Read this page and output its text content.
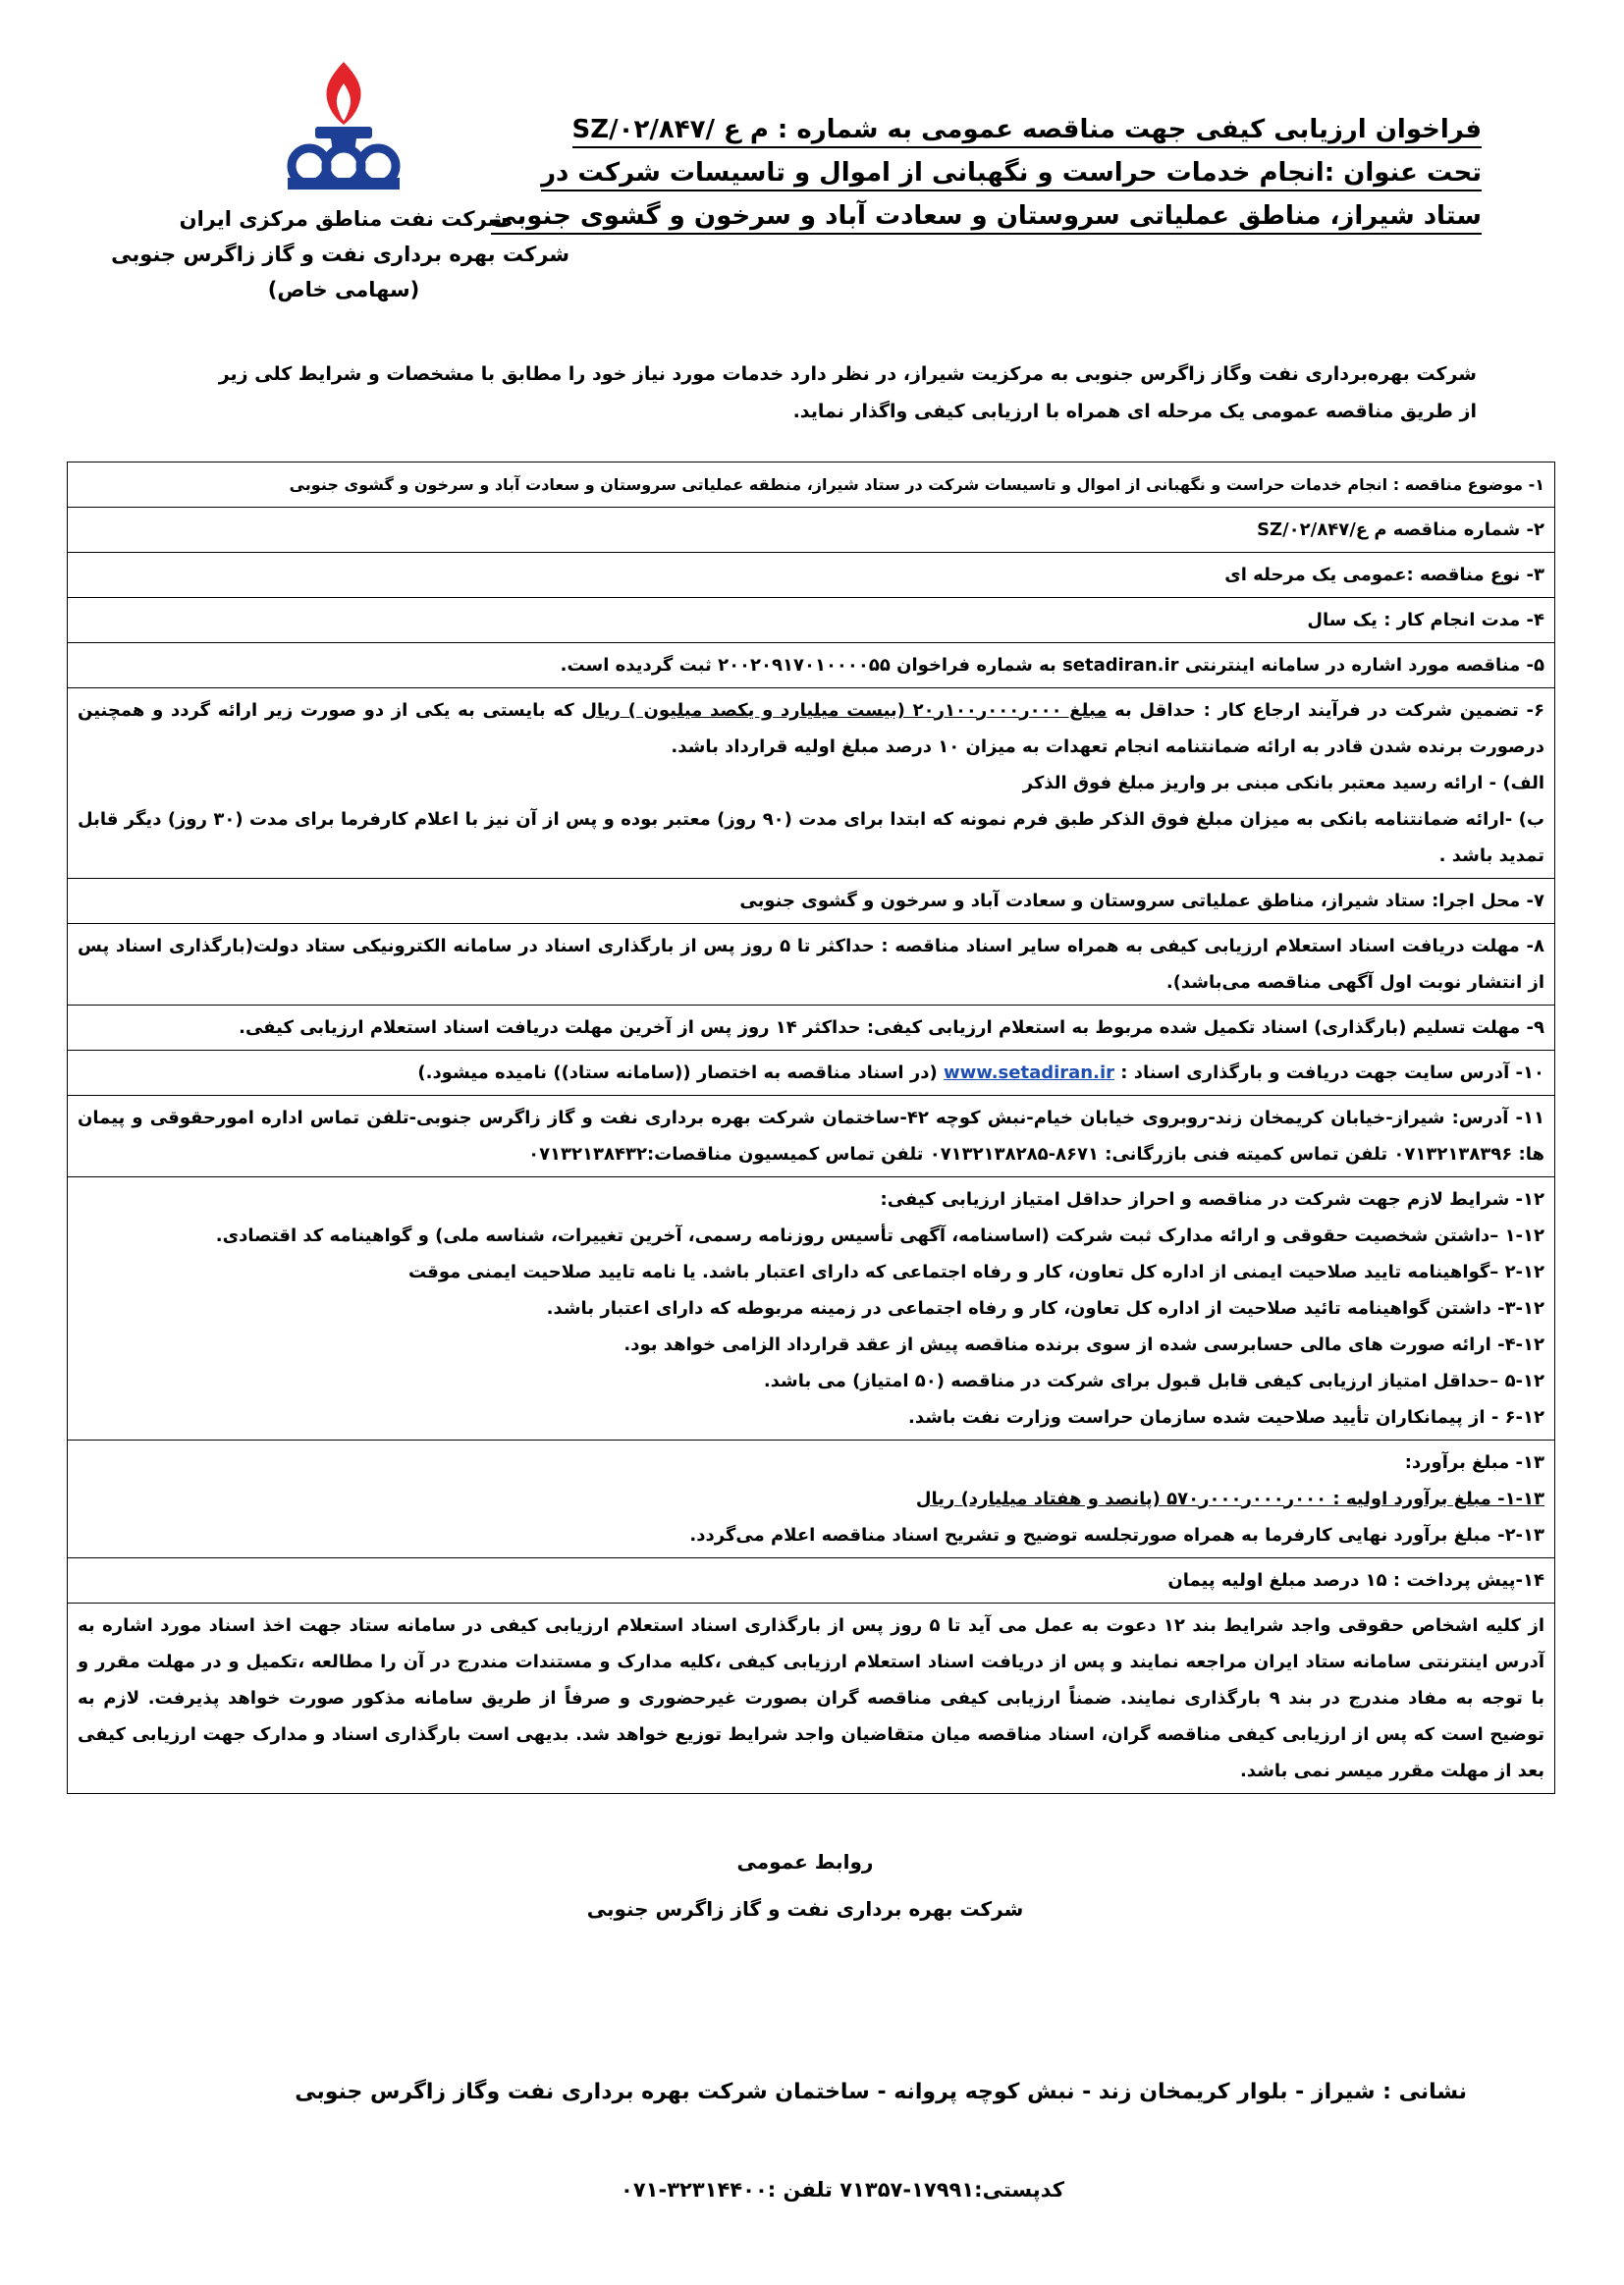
شرکت نفت مناطق مرکزی ایران
شرکت بهره برداری نفت و گاز زاگرس جنوبی
(سهامی خاص)
فراخوان ارزیابی کیفی جهت مناقصه عمومی به شماره : م ع /SZ/۰۲/۸۴۷
تحت عنوان :انجام خدمات حراست و نگهبانی از اموال و تاسیسات شرکت در
ستاد شیراز، مناطق عملیاتی سروستان و سعادت آباد و سرخون و گشوی جنوبی
شرکت بهره‌برداری نفت وگاز زاگرس جنوبی به مرکزیت شیراز، در نظر دارد خدمات مورد نیاز خود را مطابق با مشخصات و شرایط کلی زیر از طریق مناقصه عمومی یک مرحله ای همراه با ارزیابی کیفی واگذار نماید.
۱- موضوع مناقصه : انجام خدمات حراست و نگهبانی از اموال و تاسیسات شرکت در ستاد شیراز، منطقه عملیاتی سروستان و سعادت آباد و سرخون و گشوی جنوبی
۲- شماره مناقصه م ع/SZ/۰۲/۸۴۷
۳- نوع مناقصه :عمومی یک مرحله ای
۴- مدت انجام کار : یک سال
۵- مناقصه مورد اشاره در سامانه اینترنتی setadiran.ir به شماره فراخوان ۲۰۰۲۰۹۱۷۰۱۰۰۰۰۵۵ ثبت گردیده است.
۶- تضمین شرکت در فرآیند ارجاع کار : حداقل به مبلغ ۰۰۰ر۰۰۰ر۱۰۰ر۲۰ (بیست میلیارد و یکصد میلیون ) ریال که بایستی به یکی از دو صورت زیر ارائه گردد و همچنین درصورت برنده شدن قادر به ارائه ضمانتنامه انجام تعهدات به میزان ۱۰ درصد مبلغ اولیه قرارداد باشد.
الف) - ارائه رسید معتبر بانکی مبنی بر واریز مبلغ فوق الذکر
ب) -ارائه ضمانتنامه بانکی به میزان مبلغ فوق الذکر طبق فرم نمونه که ابتدا برای مدت (۹۰ روز) معتبر بوده و پس از آن نیز با اعلام کارفرما برای مدت (۳۰ روز) دیگر قابل تمدید باشد .

۷- محل اجرا: ستاد شیراز، مناطق عملیاتی سروستان و سعادت آباد و سرخون و گشوی جنوبی
۸- مهلت دریافت اسناد استعلام ارزیابی کیفی به همراه سایر اسناد مناقصه : حداکثر تا ۵ روز پس از بارگذاری اسناد در سامانه الکترونیکی ستاد دولت(بارگذاری اسناد پس از انتشار نوبت اول آگهی مناقصه می‌باشد).
۹- مهلت تسلیم (بارگذاری) اسناد تکمیل شده مربوط به استعلام ارزیابی کیفی: حداکثر ۱۴ روز پس از آخرین مهلت دریافت اسناد استعلام ارزیابی کیفی.
۱۰- آدرس سایت جهت دریافت و بارگذاری اسناد : www.setadiran.ir (در اسناد مناقصه به اختصار ((سامانه ستاد)) نامیده میشود.)
۱۱- آدرس: شیراز-خیابان کریمخان زند-روبروی خیابان خیام-نبش کوچه ۴۲-ساختمان شرکت بهره برداری نفت و گاز زاگرس جنوبی-تلفن تماس اداره امورحقوقی و پیمان ها: ۰۷۱۳۲۱۳۸۳۹۶ تلفن تماس کمیته فنی بازرگانی: ۸۶۷۱-۰۷۱۳۲۱۳۸۲۸۵ تلفن تماس کمیسیون مناقصات:۰۷۱۳۲۱۳۸۴۳۲

۱۲- شرایط لازم جهت شرکت در مناقصه و احراز حداقل امتیاز ارزیابی کیفی:
۱-۱۲ –داشتن شخصیت حقوقی و ارائه مدارک ثبت شرکت (اساسنامه، آگهی تأسیس روزنامه رسمی، آخرین تغییرات، شناسه ملی) و گواهینامه کد اقتصادی.
۲-۱۲ –گواهینامه تایید صلاحیت ایمنی از اداره کل تعاون، کار و رفاه اجتماعی که دارای اعتبار باشد. یا نامه تایید صلاحیت ایمنی موقت
۳-۱۲- داشتن گواهینامه تائید صلاحیت از اداره کل تعاون، کار و رفاه اجتماعی در زمینه مربوطه که دارای اعتبار باشد.
۴-۱۲- ارائه صورت های مالی حسابرسی شده از سوی برنده مناقصه پیش از عقد قرارداد الزامی خواهد بود.
۵-۱۲ –حداقل امتیاز ارزیابی کیفی قابل قبول برای شرکت در مناقصه (۵۰ امتیاز) می باشد.
۶-۱۲ - از پیمانکاران تأیید صلاحیت شده سازمان حراست وزارت نفت باشد.

۱۳- مبلغ برآورد:
۱-۱۳- مبلغ برآورد اولیه : ۰۰۰ر۰۰۰ر۰۰۰ر۵۷۰ (پانصد و هفتاد میلیارد) ریال
۲-۱۳- مبلغ برآورد نهایی کارفرما به همراه صورتجلسه توضیح و تشریح اسناد مناقصه اعلام می‌گردد.

۱۴-پیش پرداخت : ۱۵ درصد مبلغ اولیه پیمان
از کلیه اشخاص حقوقی واجد شرایط بند ۱۲ دعوت به عمل می آید تا ۵ روز پس از بارگذاری اسناد استعلام ارزیابی کیفی در سامانه ستاد جهت اخذ اسناد مورد اشاره به آدرس اینترنتی سامانه ستاد ایران مراجعه نمایند و پس از دریافت اسناد استعلام ارزیابی کیفی ،کلیه مدارک و مستندات مندرج در آن را مطالعه ،تکمیل و در مهلت مقرر و با توجه به مفاد مندرج در بند ۹ بارگذاری نمایند. ضمناً ارزیابی کیفی مناقصه گران بصورت غیرحضوری و صرفاً از طریق سامانه مذکور صورت خواهد پذیرفت. لازم به توضیح است که پس از ارزیابی کیفی مناقصه گران، اسناد مناقصه میان متقاضیان واجد شرایط توزیع خواهد شد. بدیهی است بارگذاری اسناد و مدارک جهت ارزیابی کیفی بعد از مهلت مقرر میسر نمی باشد.
روابط عمومی
شرکت بهره برداری نفت و گاز زاگرس جنوبی
نشانی : شیراز - بلوار کریمخان زند - نبش کوچه پروانه - ساختمان شرکت بهره برداری نفت وگاز زاگرس جنوبی
کدپستی:۱۷۹۹۱-۷۱۳۵۷ تلفن :۳۲۳۱۴۴۰۰-۰۷۱
